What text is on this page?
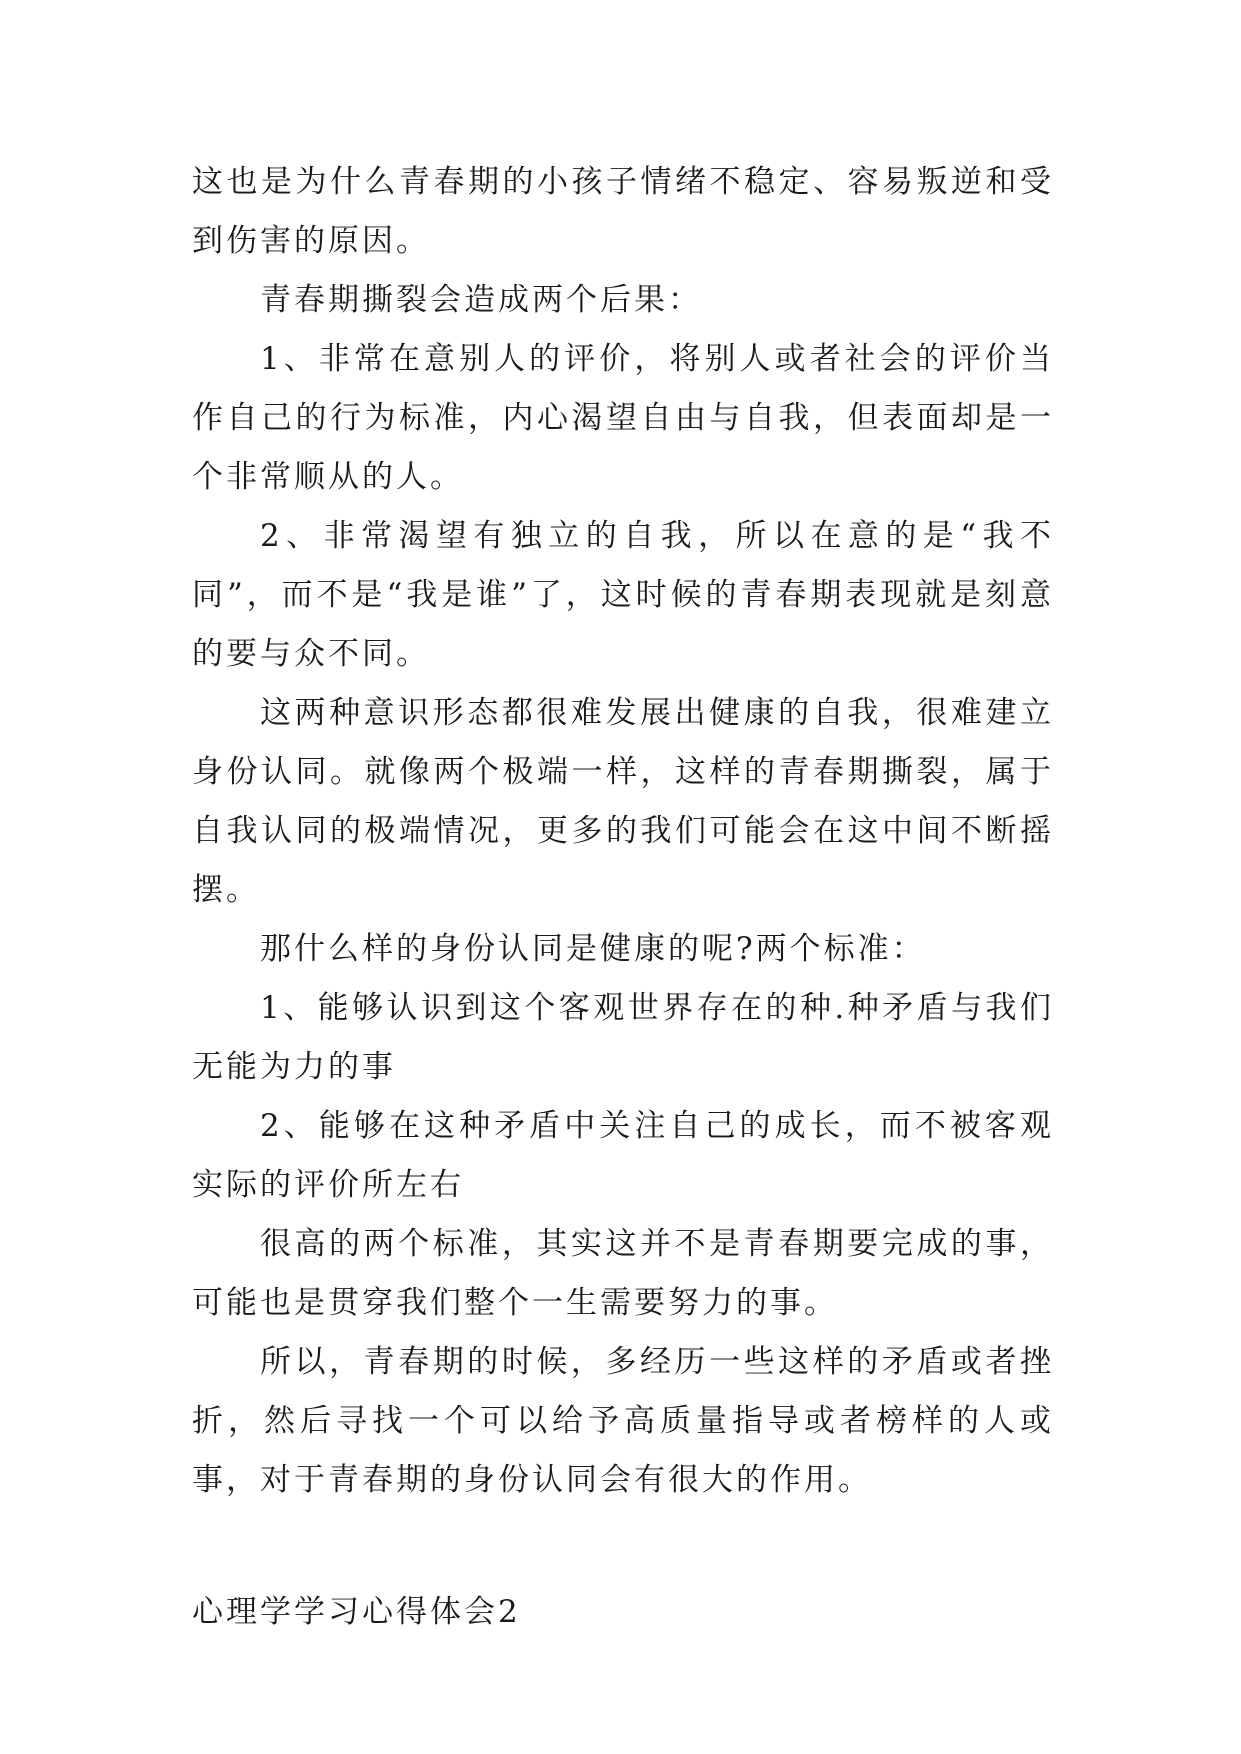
这也是为什么青春期的小孩子情绪不稳定、容易叛逆和受到伤害的原因。

青春期撕裂会造成两个后果：

1、非常在意别人的评价，将别人或者社会的评价当作自己的行为标准，内心渴望自由与自我，但表面却是一个非常顺从的人。

2、非常渴望有独立的自我，所以在意的是“我不同”，而不是“我是谁”了，这时候的青春期表现就是刻意的要与众不同。

这两种意识形态都很难发展出健康的自我，很难建立身份认同。就像两个极端一样，这样的青春期撕裂，属于自我认同的极端情况，更多的我们可能会在这中间不断摇摆。

那什么样的身份认同是健康的呢?两个标准：

1、能够认识到这个客观世界存在的种.种矛盾与我们无能为力的事

2、能够在这种矛盾中关注自己的成长，而不被客观实际的评价所左右

很高的两个标准，其实这并不是青春期要完成的事，可能也是贯穿我们整个一生需要努力的事。

所以，青春期的时候，多经历一些这样的矛盾或者挫折，然后寻找一个可以给予高质量指导或者榜样的人或事，对于青春期的身份认同会有很大的作用。

心理学学习心得体会2
